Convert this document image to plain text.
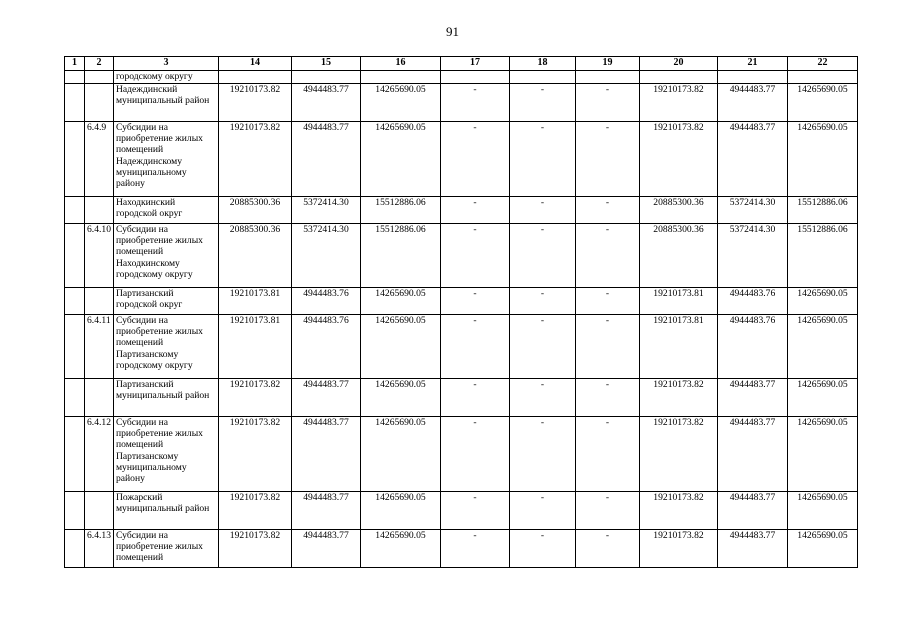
91
1	2	3	14	15	16	17	18	19	20	21	22
		городскому округу									
		Надеждинский муниципальный район	19210173.82	4944483.77	14265690.05	-	-	-	19210173.82	4944483.77	14265690.05
	6.4.9	Субсидии на приобретение жилых помещений Надеждинскому муниципальному району	19210173.82	4944483.77	14265690.05	-	-	-	19210173.82	4944483.77	14265690.05
		Находкинский городской округ	20885300.36	5372414.30	15512886.06	-	-	-	20885300.36	5372414.30	15512886.06
	6.4.10	Субсидии на приобретение жилых помещений Находкинскому городскому округу	20885300.36	5372414.30	15512886.06	-	-	-	20885300.36	5372414.30	15512886.06
		Партизанский городской округ	19210173.81	4944483.76	14265690.05	-	-	-	19210173.81	4944483.76	14265690.05
	6.4.11	Субсидии на приобретение жилых помещений Партизанскому городскому округу	19210173.81	4944483.76	14265690.05	-	-	-	19210173.81	4944483.76	14265690.05
		Партизанский муниципальный район	19210173.82	4944483.77	14265690.05	-	-	-	19210173.82	4944483.77	14265690.05
	6.4.12	Субсидии на приобретение жилых помещений Партизанскому муниципальному району	19210173.82	4944483.77	14265690.05	-	-	-	19210173.82	4944483.77	14265690.05
		Пожарский муниципальный район	19210173.82	4944483.77	14265690.05	-	-	-	19210173.82	4944483.77	14265690.05
	6.4.13	Субсидии на приобретение жилых помещений	19210173.82	4944483.77	14265690.05	-	-	-	19210173.82	4944483.77	14265690.05
